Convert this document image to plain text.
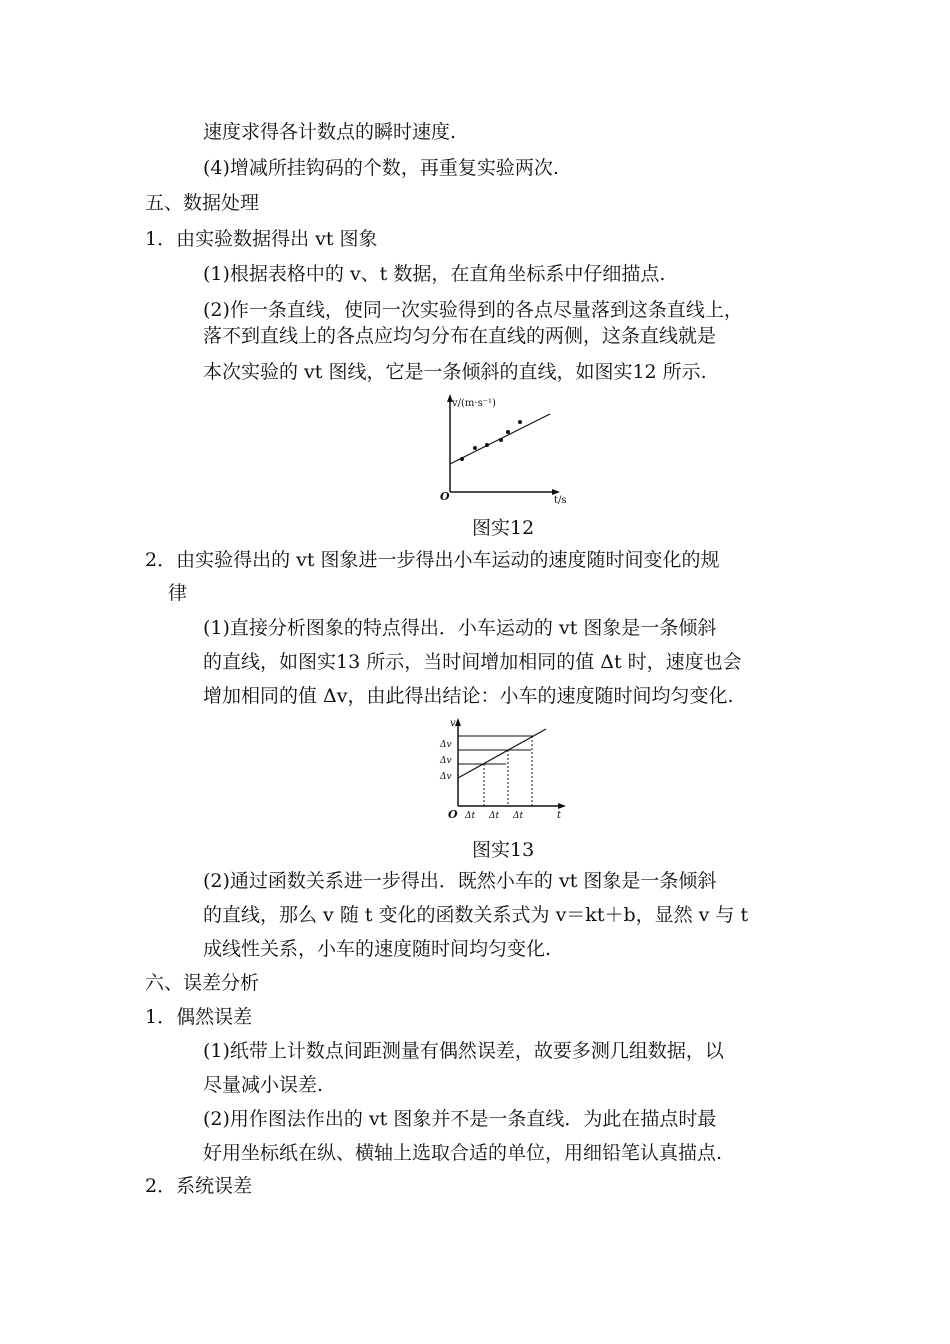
速度求得各计数点的瞬时速度.
(4)增减所挂钩码的个数，再重复实验两次.
五、数据处理
1．由实验数据得出 vt 图象
(1)根据表格中的 v、t 数据，在直角坐标系中仔细描点.
(2)作一条直线，使同一次实验得到的各点尽量落到这条直线上，
落不到直线上的各点应均匀分布在直线的两侧，这条直线就是
本次实验的 vt 图线，它是一条倾斜的直线，如图实12 所示.
v/(m·s⁻¹)
t/s
O
图实12
2．由实验得出的 vt 图象进一步得出小车运动的速度随时间变化的规
律
(1)直接分析图象的特点得出．小车运动的 vt 图象是一条倾斜
的直线，如图实13 所示，当时间增加相同的值 Δt 时，速度也会
增加相同的值 Δv，由此得出结论：小车的速度随时间均匀变化.
v
Δv
Δv
Δv
O Δt Δt Δt	t
图实13
(2)通过函数关系进一步得出．既然小车的 vt 图象是一条倾斜
的直线，那么 v 随 t 变化的函数关系式为 v＝kt＋b，显然 v 与 t
成线性关系，小车的速度随时间均匀变化.
六、误差分析
1．偶然误差
(1)纸带上计数点间距测量有偶然误差，故要多测几组数据，以
尽量减小误差.
(2)用作图法作出的 vt 图象并不是一条直线．为此在描点时最
好用坐标纸在纵、横轴上选取合适的单位，用细铅笔认真描点.
2．系统误差
